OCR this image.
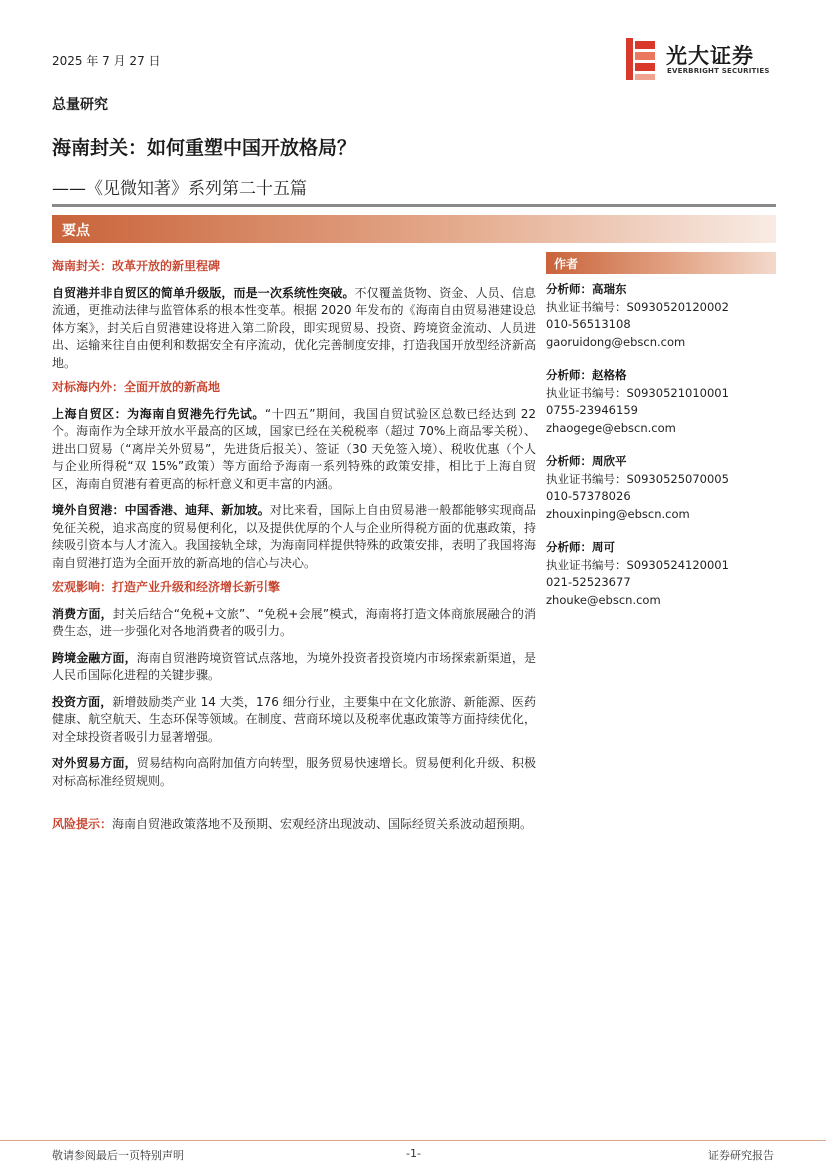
2025 年 7 月 27 日	光大证券
EVERBRIGHT SECURITIES
总量研究
海南封关：如何重塑中国开放格局？
——《见微知著》系列第二十五篇
要点
海南封关：改革开放的新里程碑
自贸港并非自贸区的简单升级版，而是一次系统性突破。不仅覆盖货物、资金、人员、信息流通，更推动法律与监管体系的根本性变革。根据 2020 年发布的《海南自由贸易港建设总体方案》，封关后自贸港建设将进入第二阶段，即实现贸易、投资、跨境资金流动、人员进出、运输来往自由便利和数据安全有序流动，优化完善制度安排，打造我国开放型经济新高地。
对标海内外：全面开放的新高地
上海自贸区：为海南自贸港先行先试。“十四五”期间，我国自贸试验区总数已经达到 22 个。海南作为全球开放水平最高的区域，国家已经在关税税率（超过 70%上商品零关税）、进出口贸易（“离岸关外贸易”，先进货后报关）、签证（30 天免签入境）、税收优惠（个人与企业所得税“双 15%”政策）等方面给予海南一系列特殊的政策安排，相比于上海自贸区，海南自贸港有着更高的标杆意义和更丰富的内涵。
境外自贸港：中国香港、迪拜、新加坡。对比来看，国际上自由贸易港一般都能够实现商品免征关税，追求高度的贸易便利化，以及提供优厚的个人与企业所得税方面的优惠政策，持续吸引资本与人才流入。我国接轨全球，为海南同样提供特殊的政策安排，表明了我国将海南自贸港打造为全面开放的新高地的信心与决心。
宏观影响：打造产业升级和经济增长新引擎
消费方面，封关后结合“免税+文旅”、“免税+会展”模式，海南将打造文体商旅展融合的消费生态，进一步强化对各地消费者的吸引力。
跨境金融方面，海南自贸港跨境资管试点落地，为境外投资者投资境内市场探索新渠道，是人民币国际化进程的关键步骤。
投资方面，新增鼓励类产业 14 大类，176 细分行业，主要集中在文化旅游、新能源、医药健康、航空航天、生态环保等领域。在制度、营商环境以及税率优惠政策等方面持续优化，对全球投资者吸引力显著增强。
对外贸易方面，贸易结构向高附加值方向转型，服务贸易快速增长。贸易便利化升级、积极对标高标准经贸规则。
风险提示：海南自贸港政策落地不及预期、宏观经济出现波动、国际经贸关系波动超预期。
作者
分析师：高瑞东
执业证书编号：S0930520120002
010-56513108
gaoruidong@ebscn.com
分析师：赵格格
执业证书编号：S0930521010001
0755-23946159
zhaogege@ebscn.com
分析师：周欣平
执业证书编号：S0930525070005
010-57378026
zhouxinping@ebscn.com
分析师：周可
执业证书编号：S0930524120001
021-52523677
zhouke@ebscn.com
敬请参阅最后一页特别声明	-1-	证券研究报告
